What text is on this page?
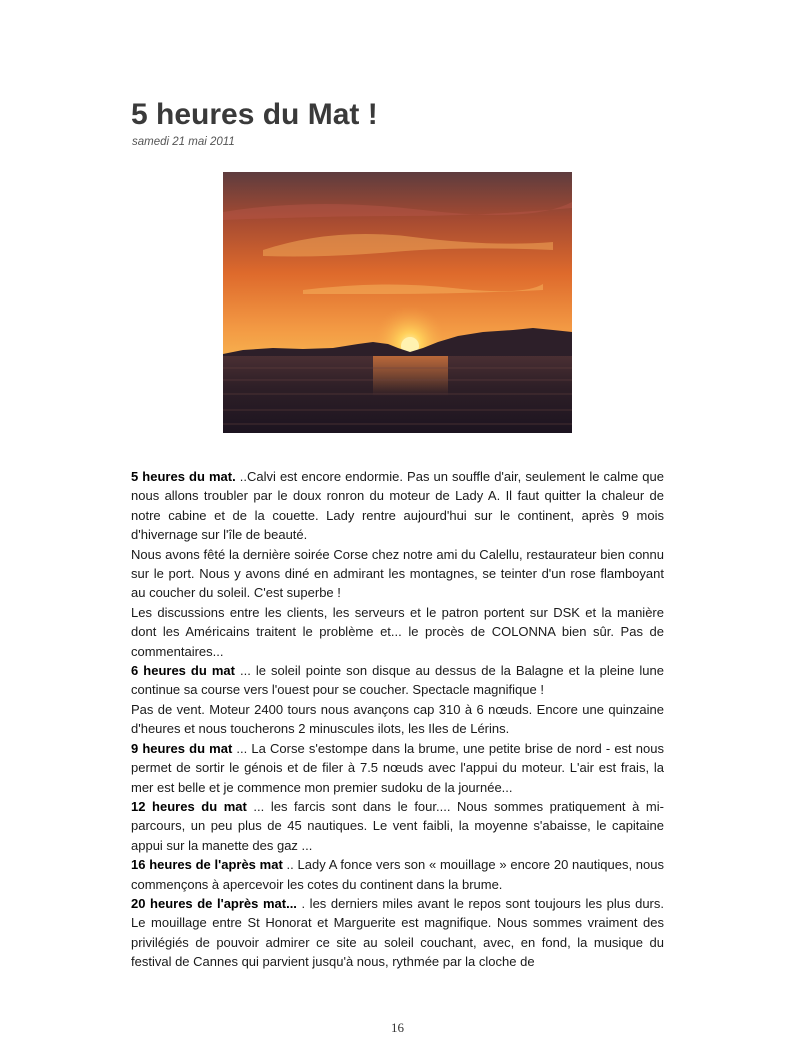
5 heures du Mat !
samedi 21 mai 2011

5 heures du mat. ..Calvi est encore endormie. Pas un souffle d'air, seulement le calme que nous allons troubler par le doux ronron du moteur de Lady A. Il faut quitter la chaleur de notre cabine et de la couette. Lady rentre aujourd'hui sur le continent, après 9 mois d'hivernage sur l'île de beauté.

Nous avons fêté la dernière soirée Corse chez notre ami du Calellu, restaurateur bien connu sur le port. Nous y avons diné en admirant les montagnes, se teinter d'un rose flamboyant au coucher du soleil. C'est superbe !

Les discussions entre les clients, les serveurs et le patron portent sur DSK et la manière dont les Américains traitent le problème et... le procès de COLONNA bien sûr. Pas de commentaires...

6 heures du mat ... le soleil pointe son disque au dessus de la Balagne et la pleine lune continue sa course vers l'ouest pour se coucher. Spectacle magnifique !

Pas de vent. Moteur 2400 tours nous avançons cap 310 à 6 nœuds. Encore une quinzaine d'heures et nous toucherons 2 minuscules ilots, les Iles de Lérins.

9 heures du mat ... La Corse s'estompe dans la brume, une petite brise de nord - est nous permet de sortir le génois et de filer à 7.5 nœuds avec l'appui du moteur. L'air est frais, la mer est belle et je commence mon premier sudoku de la journée...

12 heures du mat ... les farcis sont dans le four.... Nous sommes pratiquement à mi-parcours, un peu plus de 45 nautiques. Le vent faibli, la moyenne s'abaisse, le capitaine appui sur la manette des gaz ...

16 heures de l'après mat .. Lady A fonce vers son « mouillage » encore 20 nautiques, nous commençons à apercevoir les cotes du continent dans la brume.

20 heures de l'après mat... . les derniers miles avant le repos sont toujours les plus durs. Le mouillage entre St Honorat et Marguerite est magnifique. Nous sommes vraiment des privilégiés de pouvoir admirer ce site au soleil couchant, avec, en fond, la musique du festival de Cannes qui parvient jusqu'à nous, rythmée par la cloche de

16
